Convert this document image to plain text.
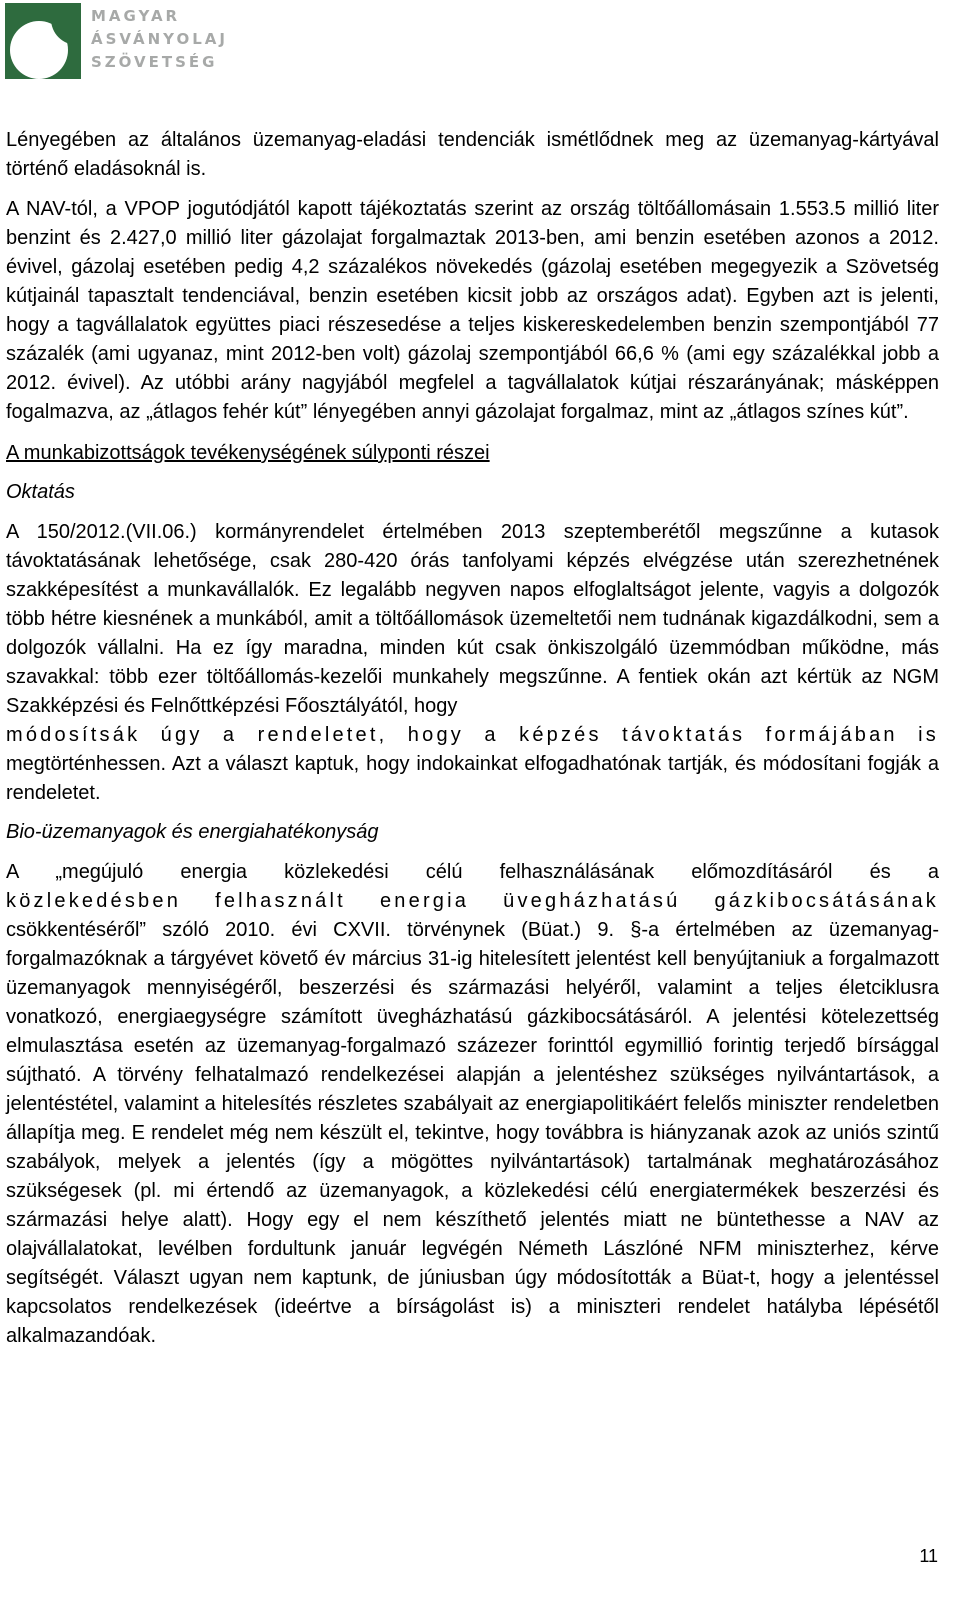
MAGYAR
ÁSVÁNYOLAJ
SZÖVETSÉG

Lényegében az általános üzemanyag-eladási tendenciák ismétlődnek meg az üzemanyag-kártyával történő eladásoknál is.

A NAV-tól, a VPOP jogutódjától kapott tájékoztatás szerint az ország töltőállomásain 1.553.5 millió liter benzint és 2.427,0 millió liter gázolajat forgalmaztak 2013-ben, ami benzin esetében azonos a 2012. évivel, gázolaj esetében pedig 4,2 százalékos növekedés (gázolaj esetében megegyezik a Szövetség kútjainál tapasztalt tendenciával, benzin esetében kicsit jobb az országos adat). Egyben azt is jelenti, hogy a tagvállalatok együttes piaci részesedése a teljes kiskereskedelemben benzin szempontjából 77 százalék (ami ugyanaz, mint 2012-ben volt) gázolaj szempontjából 66,6 % (ami egy százalékkal jobb a 2012. évivel). Az utóbbi arány nagyjából megfelel a tagvállalatok kútjai részarányának; másképpen fogalmazva, az „átlagos fehér kút” lényegében annyi gázolajat forgalmaz, mint az „átlagos színes kút”.

A munkabizottságok tevékenységének súlyponti részei

Oktatás

A 150/2012.(VII.06.) kormányrendelet értelmében 2013 szeptemberétől megszűnne a kutasok távoktatásának lehetősége, csak 280-420 órás tanfolyami képzés elvégzése után szerezhetnének szakképesítést a munkavállalók. Ez legalább negyven napos elfoglaltságot jelente, vagyis a dolgozók több hétre kiesnének a munkából, amit a töltőállomások üzemeltetői nem tudnának kigazdálkodni, sem a dolgozók vállalni. Ha ez így maradna, minden kút csak önkiszolgáló üzemmódban működne, más szavakkal: több ezer töltőállomás-kezelői munkahely megszűnne. A fentiek okán azt kértük az NGM Szakképzési és Felnőttképzési Főosztályától, hogy

módosítsák úgy a rendeletet, hogy a képzés távoktatás formájában is

megtörténhessen. Azt a választ kaptuk, hogy indokainkat elfogadhatónak tartják, és módosítani fogják a rendeletet.

Bio-üzemanyagok és energiahatékonyság

A „megújuló energia közlekedési célú felhasználásának előmozdításáról és a

közlekedésben felhasznált energia üvegházhatású gázkibocsátásának

csökkentéséről” szóló 2010. évi CXVII. törvénynek (Büat.) 9. §-a értelmében az üzemanyag-forgalmazóknak a tárgyévet követő év március 31-ig hitelesített jelentést kell benyújtaniuk a forgalmazott üzemanyagok mennyiségéről, beszerzési és származási helyéről, valamint a teljes életciklusra vonatkozó, energiaegységre számított üvegházhatású gázkibocsátásáról. A jelentési kötelezettség elmulasztása esetén az üzemanyag-forgalmazó százezer forinttól egymillió forintig terjedő bírsággal sújtható. A törvény felhatalmazó rendelkezései alapján a jelentéshez szükséges nyilvántartások, a jelentéstétel, valamint a hitelesítés részletes szabályait az energiapolitikáért felelős miniszter rendeletben állapítja meg. E rendelet még nem készült el, tekintve, hogy továbbra is hiányzanak azok az uniós szintű szabályok, melyek a jelentés (így a mögöttes nyilvántartások) tartalmának meghatározásához szükségesek (pl. mi értendő az üzemanyagok, a közlekedési célú energiatermékek beszerzési és származási helye alatt). Hogy egy el nem készíthető jelentés miatt ne büntethesse a NAV az olajvállalatokat, levélben fordultunk január legvégén Németh Lászlóné NFM miniszterhez, kérve segítségét. Választ ugyan nem kaptunk, de júniusban úgy módosították a Büat-t, hogy a jelentéssel kapcsolatos rendelkezések (ideértve a bírságolást is) a miniszteri rendelet hatályba lépésétől alkalmazandóak.

11
